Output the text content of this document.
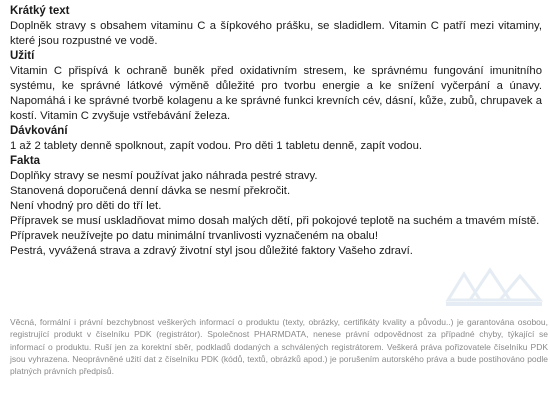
Krátký text

Doplněk stravy s obsahem vitaminu C a šípkového prášku, se sladidlem. Vitamin C patří mezi vitaminy, které jsou rozpustné ve vodě.

Užití

Vitamin C přispívá k ochraně buněk před oxidativním stresem, ke správnému fungování imunitního systému, ke správné látkové výměně důležité pro tvorbu energie a ke snížení vyčerpání a únavy. Napomáhá i ke správné tvorbě kolagenu a ke správné funkci krevních cév, dásní, kůže, zubů, chrupavek a kostí. Vitamin C zvyšuje vstřebávání železa.

Dávkování

1 až 2 tablety denně spolknout, zapít vodou. Pro děti 1 tabletu denně, zapít vodou.

Fakta

Doplňky stravy se nesmí používat jako náhrada pestré stravy.

Stanovená doporučená denní dávka se nesmí překročit.

Není vhodný pro děti do tří let.

Přípravek se musí uskladňovat mimo dosah malých dětí, při pokojové teplotě na suchém a tmavém místě.

Přípravek neužívejte po datu minimální trvanlivosti vyznačeném na obalu!

Pestrá, vyvážená strava a zdravý životní styl jsou důležité faktory Vašeho zdraví.

Věcná, formální i právní bezchybnost veškerých informací o produktu (texty, obrázky, certifikáty kvality a původu..) je garantována osobou, registrující produkt v číselníku PDK (registrátor). Společnost PHARMDATA, nenese právní odpovědnost za případné chyby, týkající se informací o produktu. Ruší jen za korektní sběr, podkladů dodaných a schválených registrátorem. Veškerá práva pořizovatele číselníku PDK jsou vyhrazena. Neoprávněné užití dat z číselníku PDK (kódů, textů, obrázků apod.) je porušením autorského práva a bude postihováno podle platných právních předpisů.
